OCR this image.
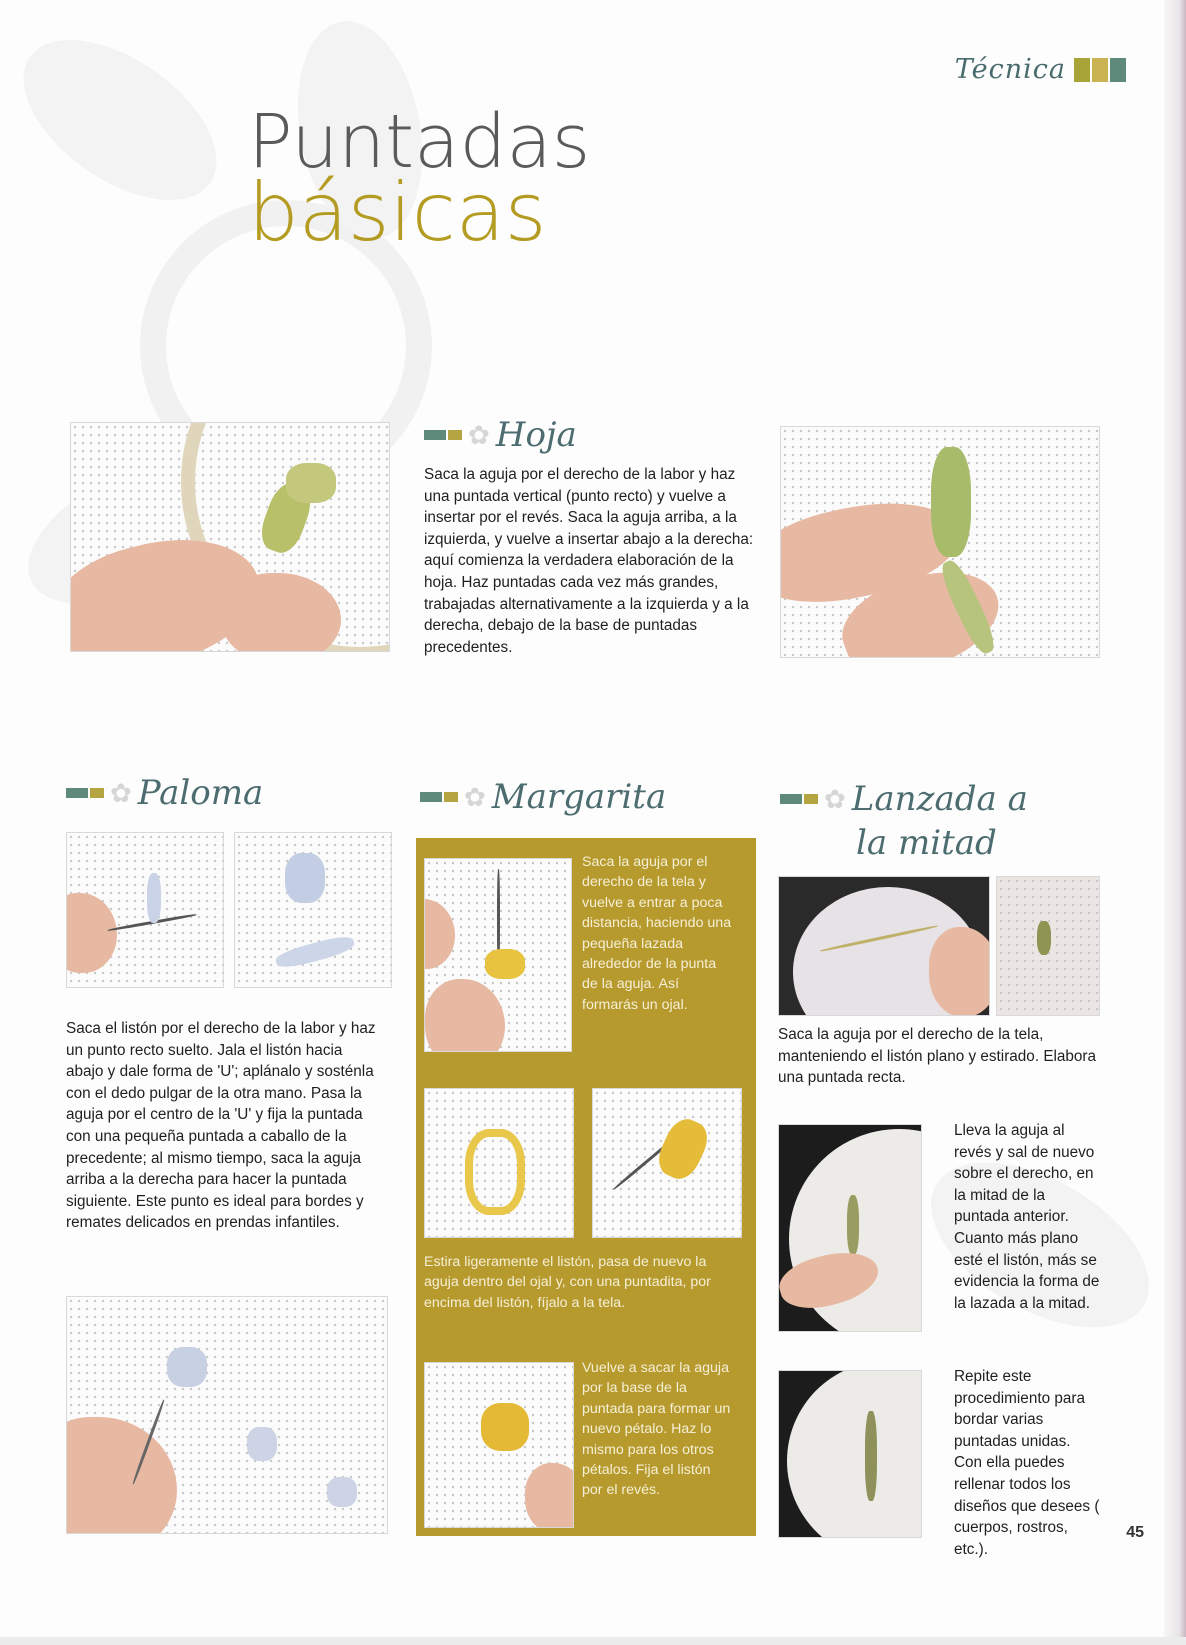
Técnica
Puntadas
básicas
✿ Hoja
Saca la aguja por el derecho de la labor y haz una puntada vertical (punto recto) y vuelve a insertar por el revés. Saca la aguja arriba, a la izquierda, y vuelve a insertar abajo a la derecha: aquí comienza la verdadera elaboración de la hoja. Haz puntadas cada vez más grandes, trabajadas alternativamente a la izquierda y a la derecha, debajo de la base de puntadas precedentes.
✿ Paloma
Saca el listón por el derecho de la labor y haz un punto recto suelto. Jala el listón hacia abajo y dale forma de 'U'; aplánalo y sosténla con el dedo pulgar de la otra mano. Pasa la aguja por el centro de la 'U' y fija la puntada con una pequeña puntada a caballo de la precedente; al mismo tiempo, saca la aguja arriba a la derecha para hacer la puntada siguiente. Este punto es ideal para bordes y remates delicados en prendas infantiles.
✿ Margarita
Saca la aguja por el derecho de la tela y vuelve a entrar a poca distancia, haciendo una pequeña lazada alrededor de la punta de la aguja. Así formarás un ojal.
Estira ligeramente el listón, pasa de nuevo la aguja dentro del ojal y, con una puntadita, por encima del listón, fíjalo a la tela.
Vuelve a sacar la aguja por la base de la puntada para formar un nuevo pétalo. Haz lo mismo para los otros pétalos. Fija el listón por el revés.
✿ Lanzada a
la mitad
Saca la aguja por el derecho de la tela, manteniendo el listón plano y estirado. Elabora una puntada recta.
Lleva la aguja al revés y sal de nuevo sobre el derecho, en la mitad de la puntada anterior. Cuanto más plano esté el listón, más se evidencia la forma de la lazada a la mitad.
Repite este procedimiento para bordar varias puntadas unidas. Con ella puedes rellenar todos los diseños que desees ( cuerpos, rostros, etc.).
45
